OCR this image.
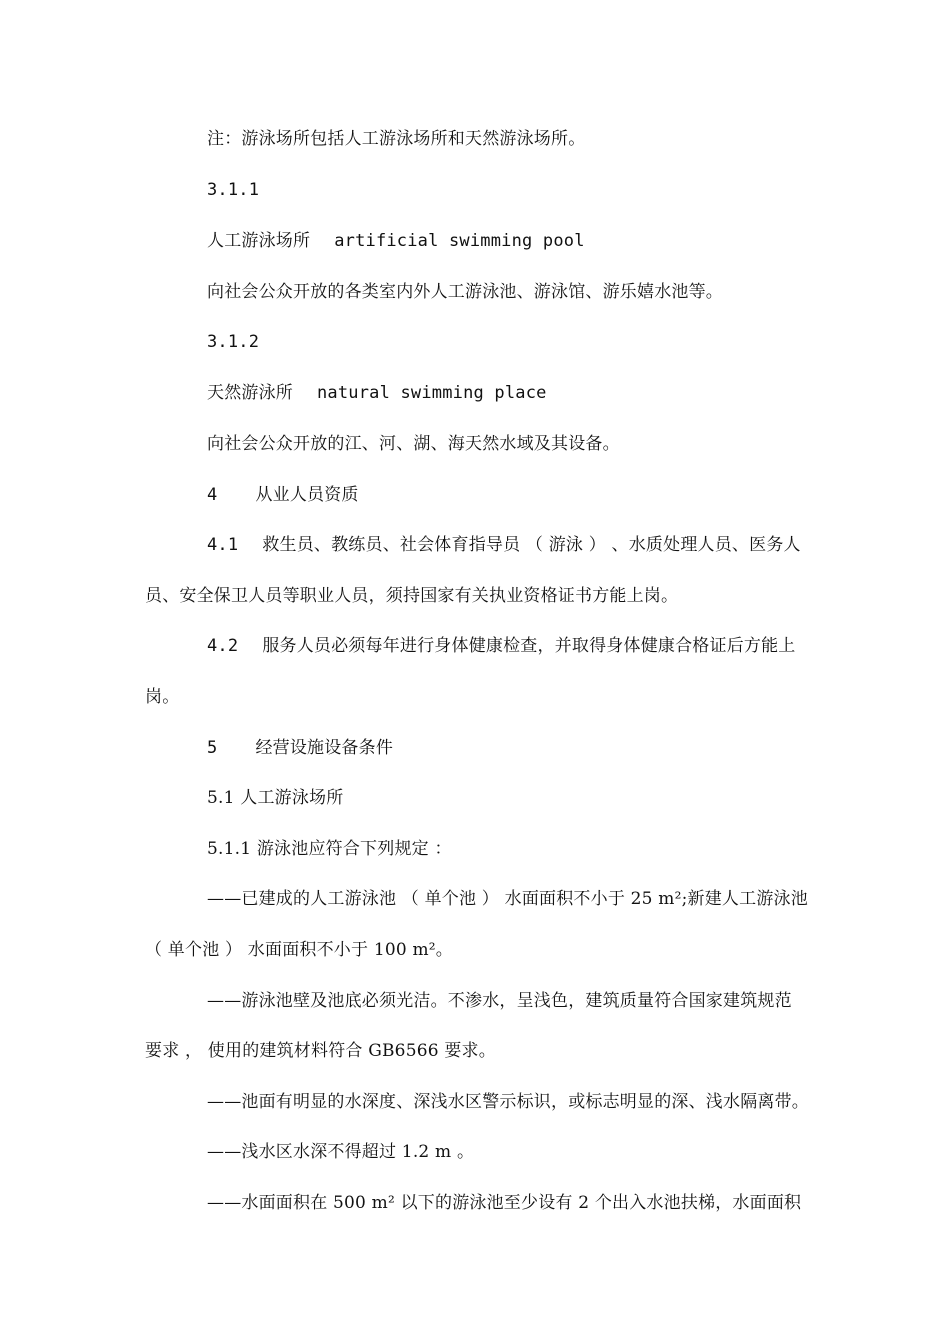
注：游泳场所包括人工游泳场所和天然游泳场所。
3.1.1
人工游泳场所 artificial swimming pool
向社会公众开放的各类室内外人工游泳池、游泳馆、游乐嬉水池等。
3.1.2
天然游泳所 natural swimming place
向社会公众开放的江、河、湖、海天然水域及其设备。
4 从业人员资质
4.1 救生员、教练员、社会体育指导员 （ 游泳 ） 、水质处理人员、医务人
员、安全保卫人员等职业人员，须持国家有关执业资格证书方能上岗。
4.2 服务人员必须每年进行身体健康检查，并取得身体健康合格证后方能上
岗。
5 经营设施设备条件
5.1 人工游泳场所
5.1.1 游泳池应符合下列规定 ：
——已建成的人工游泳池 （ 单个池 ） 水面面积不小于 25 m²;新建人工游泳池
（ 单个池 ） 水面面积不小于 100 m²。
——游泳池壁及池底必须光洁。不渗水，呈浅色，建筑质量符合国家建筑规范
要求 ， 使用的建筑材料符合 GB6566 要求。
——池面有明显的水深度、深浅水区警示标识，或标志明显的深、浅水隔离带。
——浅水区水深不得超过 1.2 m 。
——水面面积在 500 m² 以下的游泳池至少设有 2 个出入水池扶梯，水面面积
